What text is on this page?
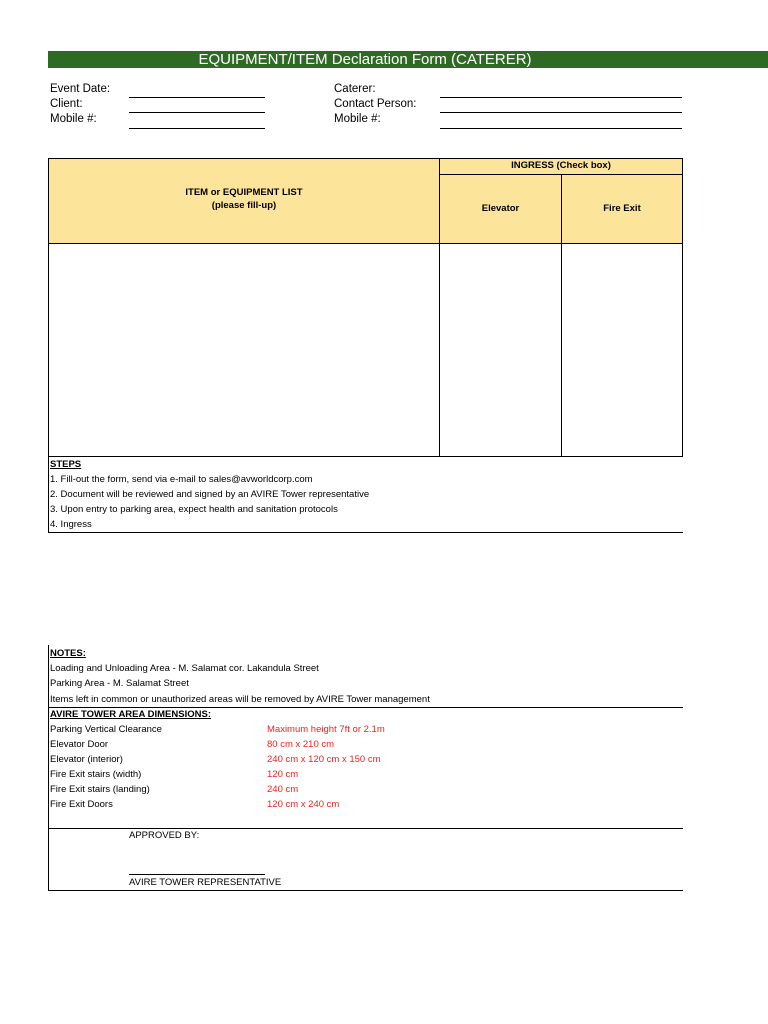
EQUIPMENT/ITEM Declaration Form (CATERER)
Event Date:
Client:
Mobile #:
Caterer:
Contact Person:
Mobile #:
ITEM or EQUIPMENT LIST
(please fill-up)
INGRESS (Check box)
Elevator	Fire Exit
STEPS
1. Fill-out the form, send via e-mail to sales@avworldcorp.com
2. Document will be reviewed and signed by an AVIRE Tower representative
3. Upon entry to parking area, expect health and sanitation protocols
4. Ingress
NOTES:
Loading and Unloading Area - M. Salamat cor. Lakandula Street
Parking Area - M. Salamat Street
Items left in common or unauthorized areas will be removed by AVIRE Tower management
AVIRE TOWER AREA DIMENSIONS:
Parking Vertical Clearance	Maximum height 7ft or 2.1m
Elevator Door	80 cm x 210 cm
Elevator (interior)	240 cm x 120 cm x 150 cm
Fire Exit stairs (width)	120 cm
Fire Exit stairs (landing)	240 cm
Fire Exit Doors	120 cm x 240 cm
APPROVED BY:
AVIRE TOWER REPRESENTATIVE
